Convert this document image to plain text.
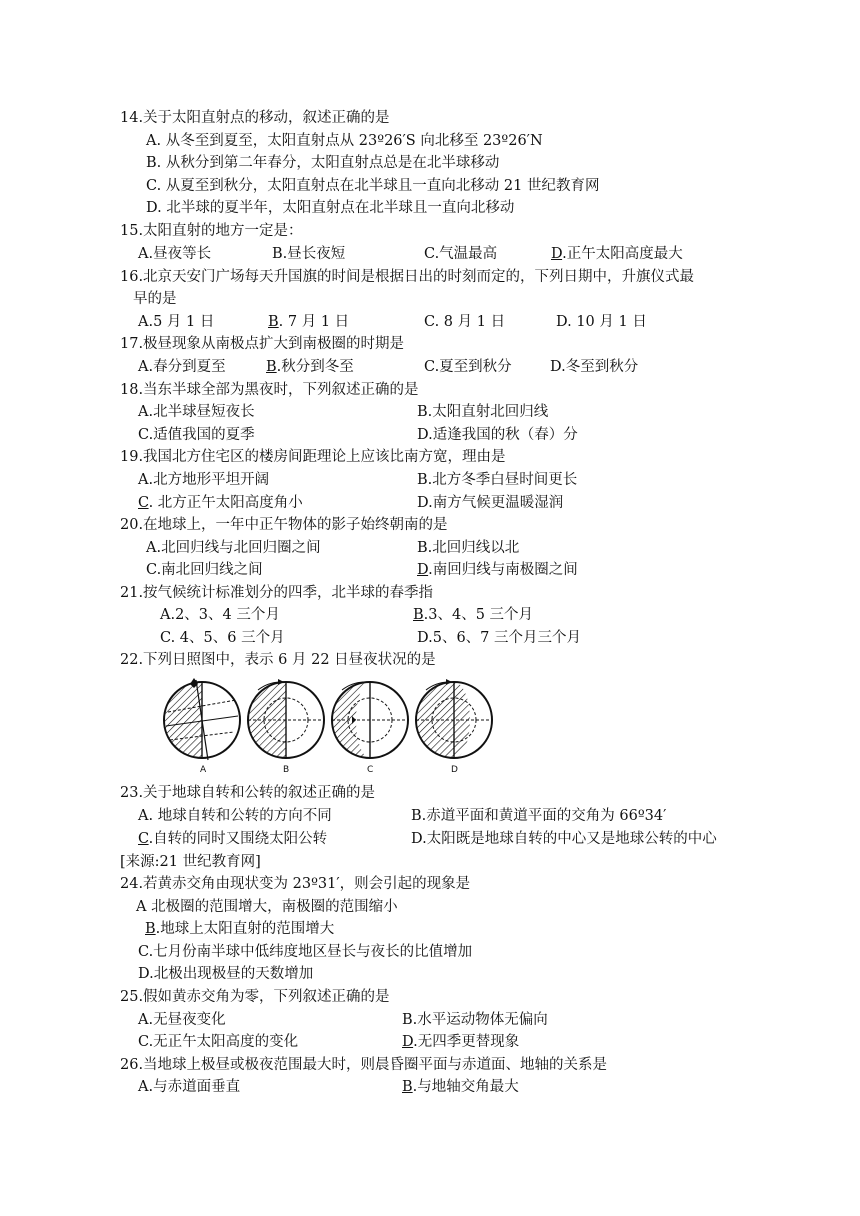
14.关于太阳直射点的移动，叙述正确的是
A. 从冬至到夏至，太阳直射点从 23º26′S 向北移至 23º26′N
B. 从秋分到第二年春分，太阳直射点总是在北半球移动
C. 从夏至到秋分，太阳直射点在北半球且一直向北移动 21 世纪教育网
D. 北半球的夏半年，太阳直射点在北半球且一直向北移动
15.太阳直射的地方一定是：
A.昼夜等长	B.昼长夜短	C.气温最高	D.正午太阳高度最大
16.北京天安门广场每天升国旗的时间是根据日出的时刻而定的，下列日期中，升旗仪式最
早的是
A.5 月 1 日	B. 7 月 1 日	C. 8 月 1 日	D. 10 月 1 日
17.极昼现象从南极点扩大到南极圈的时期是
A.春分到夏至	B.秋分到冬至	C.夏至到秋分	D.冬至到秋分
18.当东半球全部为黑夜时，下列叙述正确的是
A.北半球昼短夜长	B.太阳直射北回归线
C.适值我国的夏季	D.适逢我国的秋（春）分
19.我国北方住宅区的楼房间距理论上应该比南方宽，理由是
A.北方地形平坦开阔	B.北方冬季白昼时间更长
C. 北方正午太阳高度角小	D.南方气候更温暖湿润
20.在地球上，一年中正午物体的影子始终朝南的是
A.北回归线与北回归圈之间	B.北回归线以北
C.南北回归线之间	D.南回归线与南极圈之间
21.按气候统计标准划分的四季，北半球的春季指
A.2、3、4 三个月	B.3、4、5 三个月
C. 4、5、6 三个月	D.5、6、7 三个月三个月
22.下列日照图中，表示 6 月 22 日昼夜状况的是
A	B	C	D
23.关于地球自转和公转的叙述正确的是
A. 地球自转和公转的方向不同	B.赤道平面和黄道平面的交角为 66º34′
C.自转的同时又围绕太阳公转	D.太阳既是地球自转的中心又是地球公转的中心
[来源:21 世纪教育网]
24.若黄赤交角由现状变为 23º31′，则会引起的现象是
A 北极圈的范围增大，南极圈的范围缩小
B.地球上太阳直射的范围增大
C.七月份南半球中低纬度地区昼长与夜长的比值增加
D.北极出现极昼的天数增加
25.假如黄赤交角为零，下列叙述正确的是
A.无昼夜变化	B.水平运动物体无偏向
C.无正午太阳高度的变化	D.无四季更替现象
26.当地球上极昼或极夜范围最大时，则晨昏圈平面与赤道面、地轴的关系是
A.与赤道面垂直	B.与地轴交角最大
